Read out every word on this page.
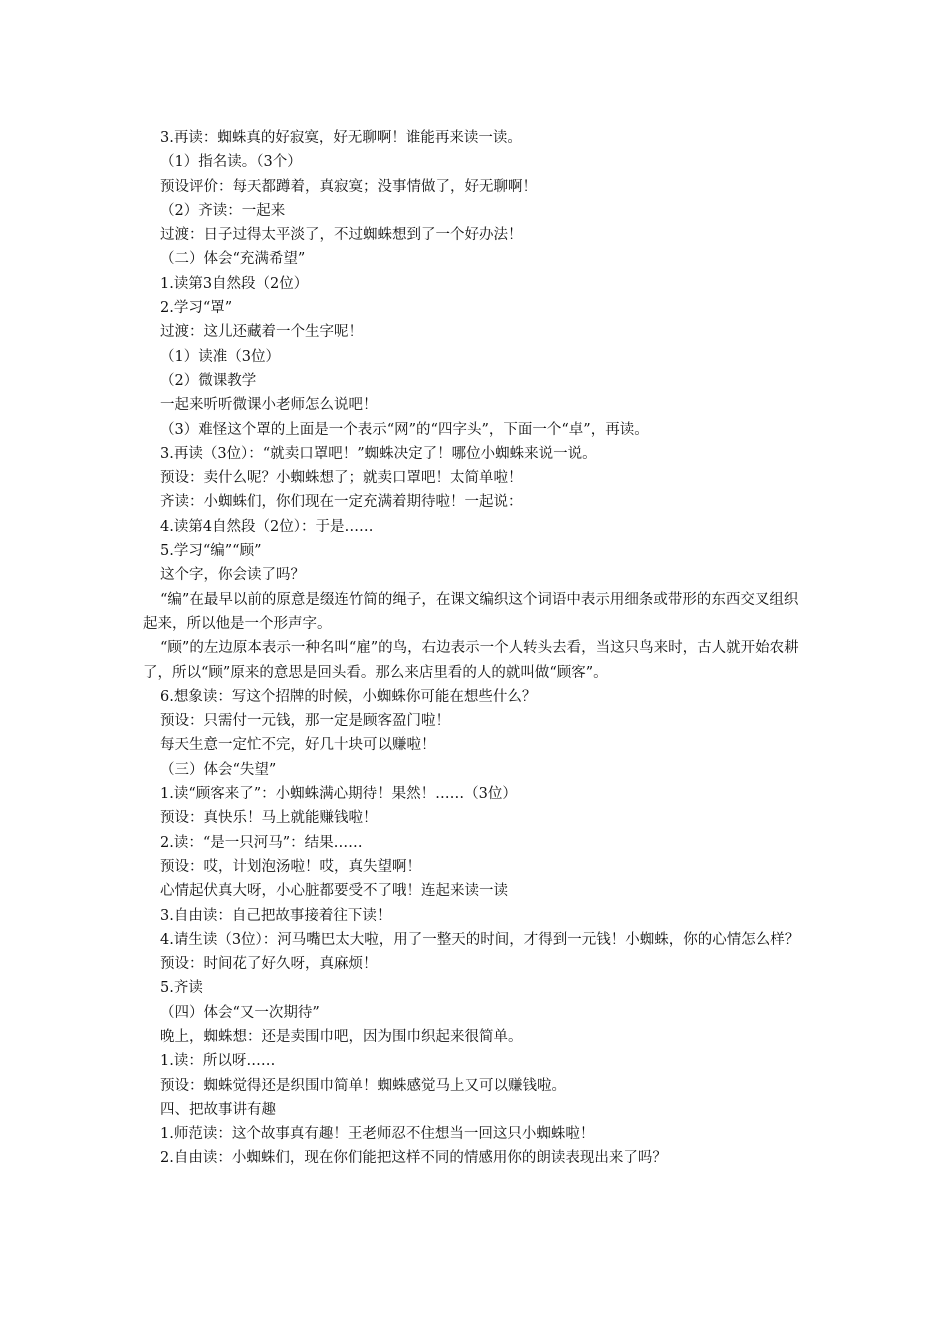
3.再读：蜘蛛真的好寂寞，好无聊啊！谁能再来读一读。
（1）指名读。（3个）
预设评价：每天都蹲着，真寂寞；没事情做了，好无聊啊！
（2）齐读：一起来
过渡：日子过得太平淡了，不过蜘蛛想到了一个好办法！
（二）体会“充满希望”
1.读第3自然段（2位）
2.学习“罩”
过渡：这儿还藏着一个生字呢！
（1）读准（3位）
（2）微课教学
一起来听听微课小老师怎么说吧！
（3）难怪这个罩的上面是一个表示“网”的“四字头”，下面一个“卓”，再读。
3.再读（3位）：“就卖口罩吧！”蜘蛛决定了！哪位小蜘蛛来说一说。
预设：卖什么呢？小蜘蛛想了；就卖口罩吧！太简单啦！
齐读：小蜘蛛们，你们现在一定充满着期待啦！一起说：
4.读第4自然段（2位）：于是……
5.学习“编”“顾”
这个字，你会读了吗？
“编”在最早以前的原意是缀连竹简的绳子，在课文编织这个词语中表示用细条或带形的东西交叉组织起来，所以他是一个形声字。
“顾”的左边原本表示一种名叫“雇”的鸟，右边表示一个人转头去看，当这只鸟来时，古人就开始农耕了，所以“顾”原来的意思是回头看。那么来店里看的人的就叫做“顾客”。
6.想象读：写这个招牌的时候，小蜘蛛你可能在想些什么？
预设：只需付一元钱，那一定是顾客盈门啦！
每天生意一定忙不完，好几十块可以赚啦！
（三）体会“失望”
1.读“顾客来了”：小蜘蛛满心期待！果然！……（3位）
预设：真快乐！马上就能赚钱啦！
2.读：“是一只河马”：结果……
预设：哎，计划泡汤啦！哎，真失望啊！
心情起伏真大呀，小心脏都要受不了哦！连起来读一读
3.自由读：自己把故事接着往下读！
4.请生读（3位）：河马嘴巴太大啦，用了一整天的时间，才得到一元钱！小蜘蛛，你的心情怎么样？
预设：时间花了好久呀，真麻烦！
5.齐读
（四）体会“又一次期待”
晚上，蜘蛛想：还是卖围巾吧，因为围巾织起来很简单。
1.读：所以呀……
预设：蜘蛛觉得还是织围巾简单！蜘蛛感觉马上又可以赚钱啦。
四、把故事讲有趣
1.师范读：这个故事真有趣！王老师忍不住想当一回这只小蜘蛛啦！
2.自由读：小蜘蛛们，现在你们能把这样不同的情感用你的朗读表现出来了吗？
